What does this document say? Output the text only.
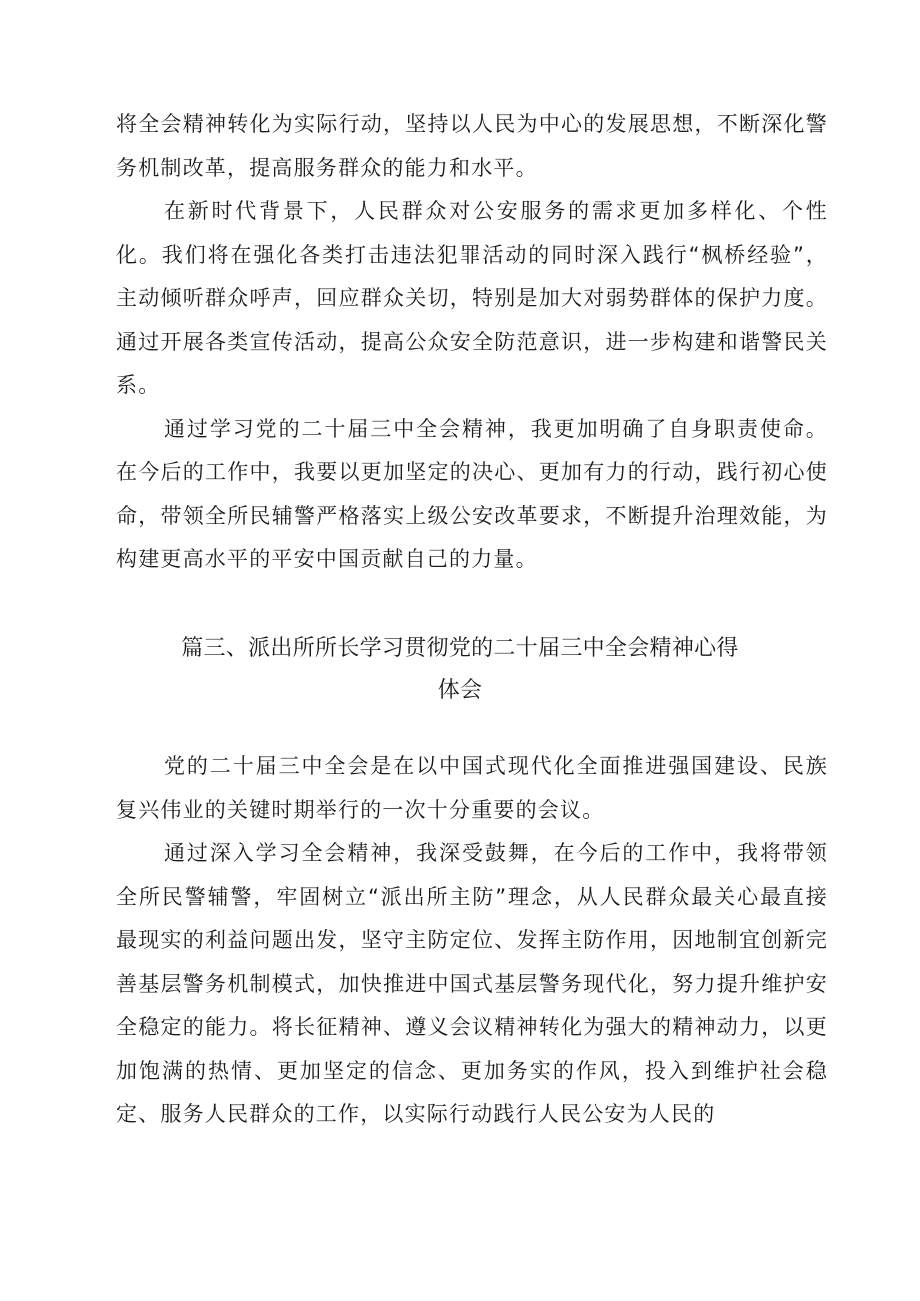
将全会精神转化为实际行动，坚持以人民为中心的发展思想，不断深化警务机制改革，提高服务群众的能力和水平。

在新时代背景下，人民群众对公安服务的需求更加多样化、个性化。我们将在强化各类打击违法犯罪活动的同时深入践行“枫桥经验”，主动倾听群众呼声，回应群众关切，特别是加大对弱势群体的保护力度。通过开展各类宣传活动，提高公众安全防范意识，进一步构建和谐警民关系。

通过学习党的二十届三中全会精神，我更加明确了自身职责使命。在今后的工作中，我要以更加坚定的决心、更加有力的行动，践行初心使命，带领全所民辅警严格落实上级公安改革要求，不断提升治理效能，为构建更高水平的平安中国贡献自己的力量。

篇三、派出所所长学习贯彻党的二十届三中全会精神心得
体会

党的二十届三中全会是在以中国式现代化全面推进强国建设、民族复兴伟业的关键时期举行的一次十分重要的会议。

通过深入学习全会精神，我深受鼓舞，在今后的工作中，我将带领全所民警辅警，牢固树立“派出所主防”理念，从人民群众最关心最直接最现实的利益问题出发，坚守主防定位、发挥主防作用，因地制宜创新完善基层警务机制模式，加快推进中国式基层警务现代化，努力提升维护安全稳定的能力。将长征精神、遵义会议精神转化为强大的精神动力，以更加饱满的热情、更加坚定的信念、更加务实的作风，投入到维护社会稳定、服务人民群众的工作，以实际行动践行人民公安为人民的
